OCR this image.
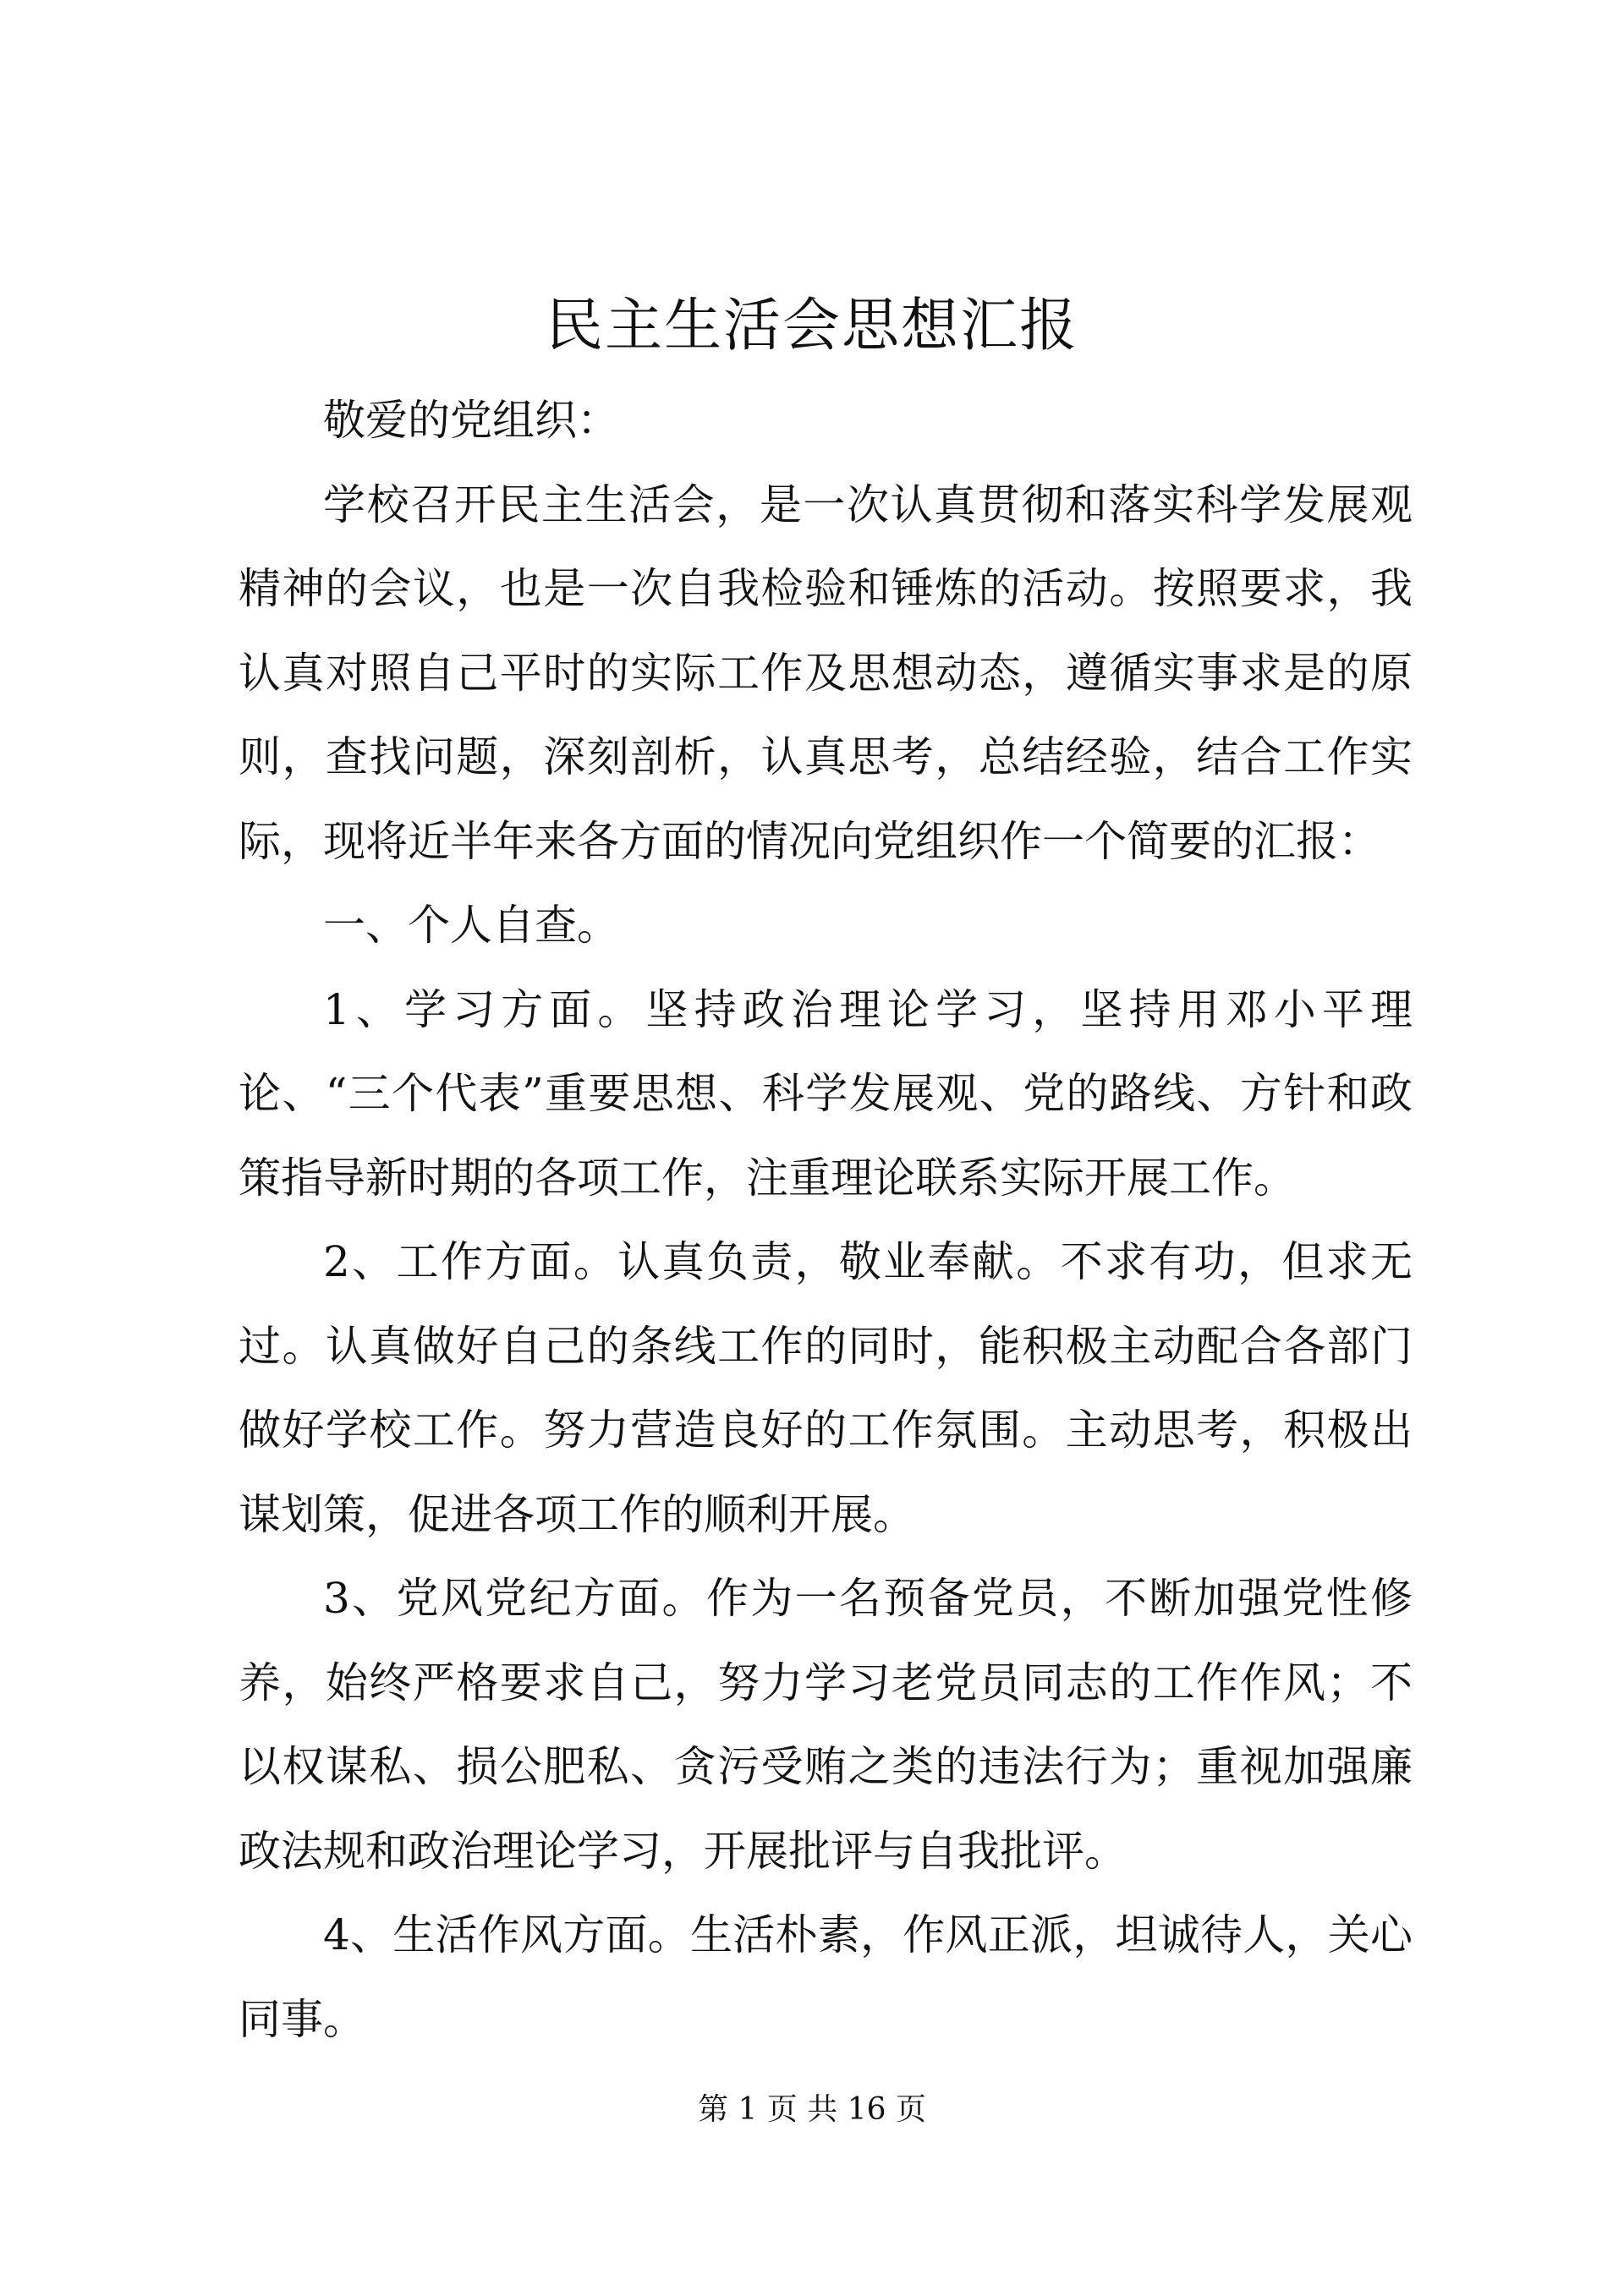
民主生活会思想汇报

敬爱的党组织：

学校召开民主生活会，是一次认真贯彻和落实科学发展观精神的会议，也是一次自我检验和锤炼的活动。按照要求，我认真对照自己平时的实际工作及思想动态，遵循实事求是的原则，查找问题，深刻剖析，认真思考，总结经验，结合工作实际，现将近半年来各方面的情况向党组织作一个简要的汇报：

一、个人自查。

1、学习方面。坚持政治理论学习，坚持用邓小平理论、“三个代表”重要思想、科学发展观、党的路线、方针和政策指导新时期的各项工作，注重理论联系实际开展工作。

2、工作方面。认真负责，敬业奉献。不求有功，但求无过。认真做好自己的条线工作的同时，能积极主动配合各部门做好学校工作。努力营造良好的工作氛围。主动思考，积极出谋划策，促进各项工作的顺利开展。

3、党风党纪方面。作为一名预备党员，不断加强党性修养，始终严格要求自己，努力学习老党员同志的工作作风；不以权谋私、损公肥私、贪污受贿之类的违法行为；重视加强廉政法规和政治理论学习，开展批评与自我批评。

4、生活作风方面。生活朴素，作风正派，坦诚待人，关心同事。

第 1 页 共 16 页
